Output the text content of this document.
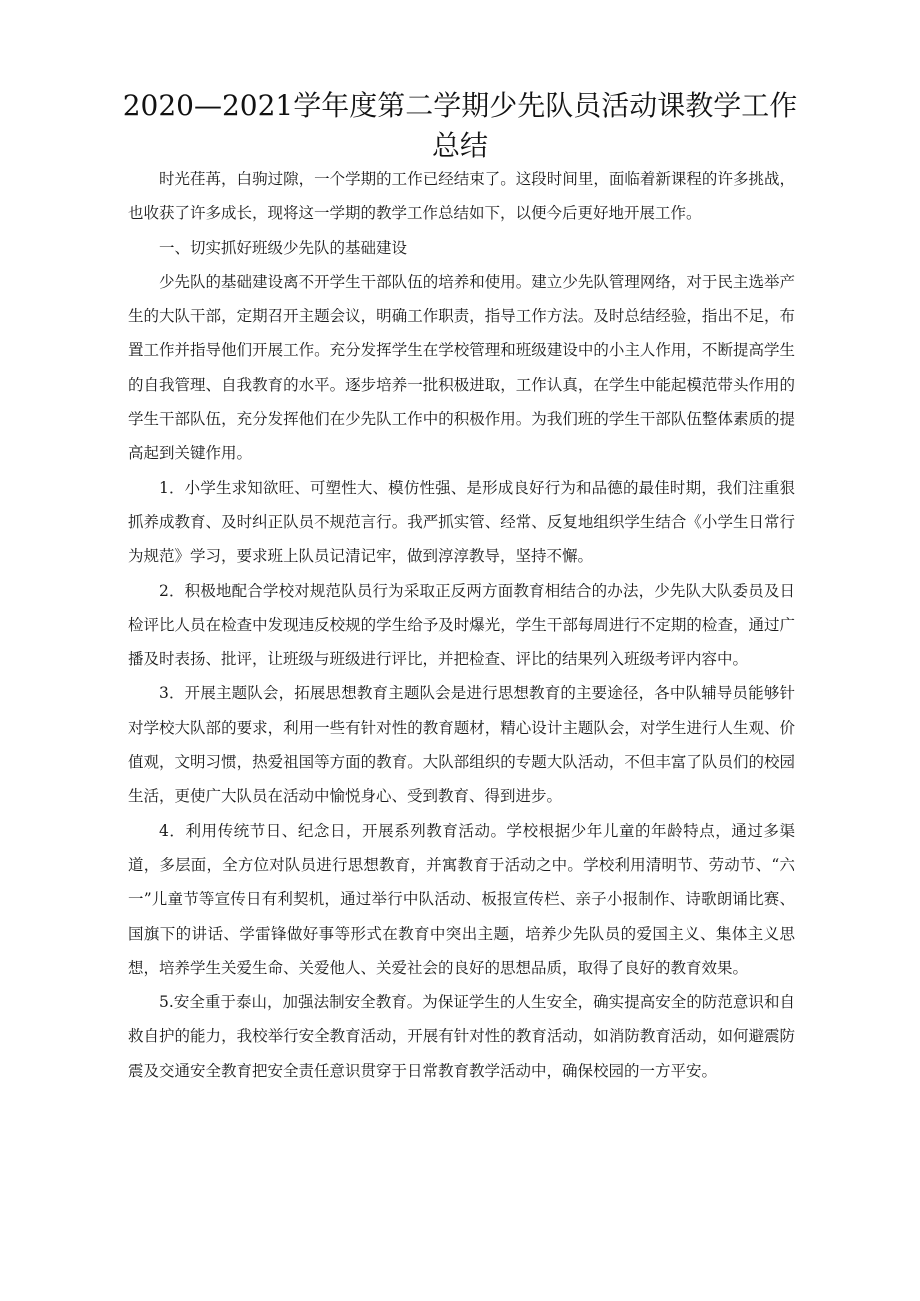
2020—2021学年度第二学期少先队员活动课教学工作
总结

时光荏苒，白驹过隙，一个学期的工作已经结束了。这段时间里，面临着新课程的许多挑战，也收获了许多成长，现将这一学期的教学工作总结如下，以便今后更好地开展工作。

一、切实抓好班级少先队的基础建设

少先队的基础建设离不开学生干部队伍的培养和使用。建立少先队管理网络，对于民主选举产生的大队干部，定期召开主题会议，明确工作职责，指导工作方法。及时总结经验，指出不足，布置工作并指导他们开展工作。充分发挥学生在学校管理和班级建设中的小主人作用，不断提高学生的自我管理、自我教育的水平。逐步培养一批积极进取，工作认真，在学生中能起模范带头作用的学生干部队伍，充分发挥他们在少先队工作中的积极作用。为我们班的学生干部队伍整体素质的提高起到关键作用。

1．小学生求知欲旺、可塑性大、模仿性强、是形成良好行为和品德的最佳时期，我们注重狠抓养成教育、及时纠正队员不规范言行。我严抓实管、经常、反复地组织学生结合《小学生日常行为规范》学习，要求班上队员记清记牢，做到淳淳教导，坚持不懈。

2．积极地配合学校对规范队员行为采取正反两方面教育相结合的办法，少先队大队委员及日检评比人员在检查中发现违反校规的学生给予及时爆光，学生干部每周进行不定期的检查，通过广播及时表扬、批评，让班级与班级进行评比，并把检查、评比的结果列入班级考评内容中。

3．开展主题队会，拓展思想教育主题队会是进行思想教育的主要途径，各中队辅导员能够针对学校大队部的要求，利用一些有针对性的教育题材，精心设计主题队会，对学生进行人生观、价值观，文明习惯，热爱祖国等方面的教育。大队部组织的专题大队活动，不但丰富了队员们的校园生活，更使广大队员在活动中愉悦身心、受到教育、得到进步。

4．利用传统节日、纪念日，开展系列教育活动。学校根据少年儿童的年龄特点，通过多渠道，多层面，全方位对队员进行思想教育，并寓教育于活动之中。学校利用清明节、劳动节、“六一”儿童节等宣传日有利契机，通过举行中队活动、板报宣传栏、亲子小报制作、诗歌朗诵比赛、国旗下的讲话、学雷锋做好事等形式在教育中突出主题，培养少先队员的爱国主义、集体主义思想，培养学生关爱生命、关爱他人、关爱社会的良好的思想品质，取得了良好的教育效果。

5.安全重于泰山，加强法制安全教育。为保证学生的人生安全，确实提高安全的防范意识和自救自护的能力，我校举行安全教育活动，开展有针对性的教育活动，如消防教育活动，如何避震防震及交通安全教育把安全责任意识贯穿于日常教育教学活动中，确保校园的一方平安。
